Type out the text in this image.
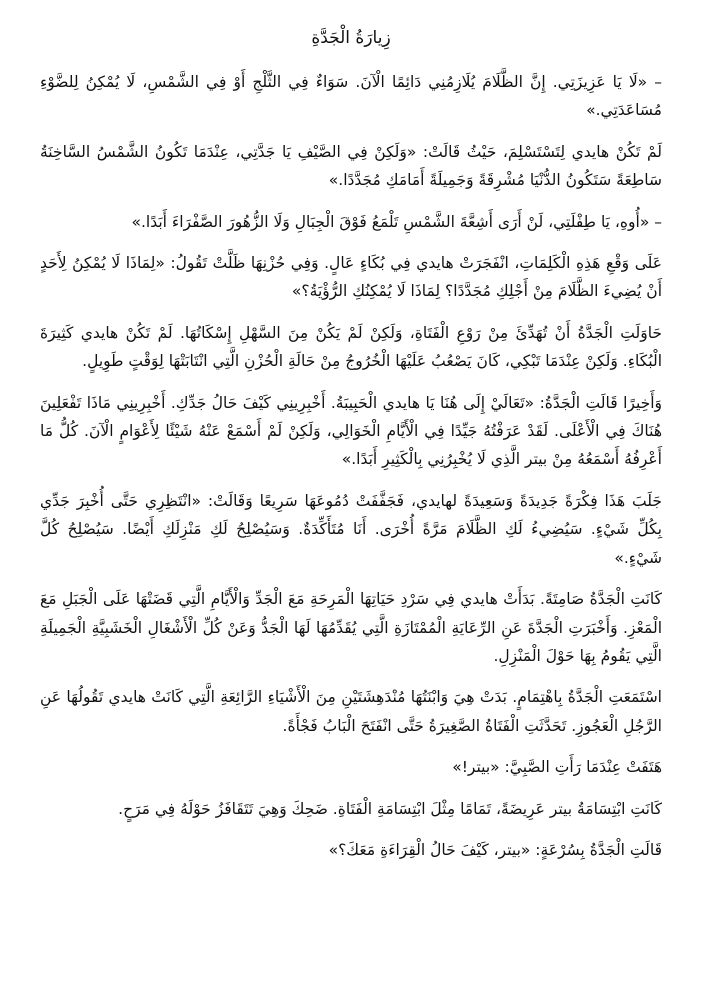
زِيارَةُ الْجَدَّةِ

– «لَا يَا عَزِيزَتِي. إِنَّ الظَّلَامَ يُلَازِمُنِي دَائِمًا الْآنَ. سَوَاءٌ فِي الثَّلْجِ أَوْ فِي الشَّمْسِ، لَا يُمْكِنُ لِلضَّوْءِ مُسَاعَدَتِي.»

لَمْ تَكُنْ هايدي لِتَسْتَسْلِمَ، حَيْثُ قَالَتْ: «وَلَكِنْ فِي الصَّيْفِ يَا جَدَّتِي، عِنْدَمَا تَكُونُ الشَّمْسُ السَّاخِنَةُ سَاطِعَةً سَتَكُونُ الدُّنْيَا مُشْرِقَةً وَجَمِيلَةً أَمَامَكِ مُجَدَّدًا.»

– «أُوهِ، يَا طِفْلَتِي، لَنْ أَرَى أَشِعَّةَ الشَّمْسِ تَلْمَعُ فَوْقَ الْجِبَالِ وَلَا الزُّهُورَ الصَّفْرَاءَ أَبَدًا.»

عَلَى وَقْعِ هَذِهِ الْكَلِمَاتِ، انْفَجَرَتْ هايدي فِي بُكَاءٍ عَالٍ. وَفِي حُزْنِهَا ظَلَّتْ تَقُولُ: «لِمَاذَا لَا يُمْكِنُ لِأَحَدٍ أَنْ يُضِيءَ الظَّلَامَ مِنْ أَجْلِكِ مُجَدَّدًا؟ لِمَاذَا لَا يُمْكِنُكِ الرُّؤْيَةُ؟»

حَاوَلَتِ الْجَدَّةُ أَنْ تُهَدِّئَ مِنْ رَوْعِ الْفَتَاةِ، وَلَكِنْ لَمْ يَكُنْ مِنَ السَّهْلِ إِسْكَاتُهَا. لَمْ تَكُنْ هايدي كَثِيرَةَ الْبُكَاءِ. وَلَكِنْ عِنْدَمَا تَبْكِي، كَانَ يَصْعُبُ عَلَيْهَا الْخُرُوجُ مِنْ حَالَةِ الْحُزْنِ الَّتِي انْتَابَتْهَا لِوَقْتٍ طَوِيلٍ.

وَأَخِيرًا قَالَتِ الْجَدَّةُ: «تَعَالَيْ إِلَى هُنَا يَا هايدي الْحَبِيبَةُ. أَخْبِرِينِي كَيْفَ حَالُ جَدِّكِ. أَخْبِرِينِي مَاذَا تَفْعَلِينَ هُنَاكَ فِي الْأَعْلَى. لَقَدْ عَرَفْتُهُ جَيِّدًا فِي الْأَيَّامِ الْخَوَالِي، وَلَكِنْ لَمْ أَسْمَعْ عَنْهُ شَيْئًا لِأَعْوَامٍ الْآنَ. كُلُّ مَا أَعْرِفُهُ أَسْمَعُهُ مِنْ بيتر الَّذِي لَا يُخْبِرُنِي بِالْكَثِيرِ أَبَدًا.»

جَلَبَ هَذَا فِكْرَةً جَدِيدَةً وَسَعِيدَةً لهايدي، فَجَفَّفَتْ دُمُوعَهَا سَرِيعًا وَقَالَتْ: «انْتَظِرِي حَتَّى أُخْبِرَ جَدِّي بِكُلِّ شَيْءٍ. سَيُضِيءُ لَكِ الظَّلَامَ مَرَّةً أُخْرَى. أَنَا مُتَأَكِّدَةٌ. وَسَيُصْلِحُ لَكِ مَنْزِلَكِ أَيْضًا. سَيُصْلِحُ كُلَّ شَيْءٍ.»

كَانَتِ الْجَدَّةُ صَامِتَةً. بَدَأَتْ هايدي فِي سَرْدِ حَيَاتِهَا الْمَرِحَةِ مَعَ الْجَدِّ وَالْأَيَّامِ الَّتِي قَضَتْهَا عَلَى الْجَبَلِ مَعَ الْمَعْزِ. وَأَخْبَرَتِ الْجَدَّةَ عَنِ الرِّعَايَةِ الْمُمْتَازَةِ الَّتِي يُقَدِّمُهَا لَهَا الْجَدُّ وَعَنْ كُلِّ الْأَشْغَالِ الْخَشَبِيَّةِ الْجَمِيلَةِ الَّتِي يَقُومُ بِهَا حَوْلَ الْمَنْزِلِ.

اسْتَمَعَتِ الْجَدَّةُ بِاهْتِمَامٍ. بَدَتْ هِيَ وَابْنَتُهَا مُنْدَهِشَتَيْنِ مِنَ الْأَشْيَاءِ الرَّائِعَةِ الَّتِي كَانَتْ هايدي تَقُولُهَا عَنِ الرَّجُلِ الْعَجُوزِ. تَحَدَّثَتِ الْفَتَاةُ الصَّغِيرَةُ حَتَّى انْفَتَحَ الْبَابُ فَجْأَةً.

هَتَفَتْ عِنْدَمَا رَأَتِ الصَّبِيَّ: «بيتر!»

كَانَتِ ابْتِسَامَةُ بيتر عَرِيضَةً، تَمَامًا مِثْلَ ابْتِسَامَةِ الْفَتَاةِ. ضَحِكَ وَهِيَ تَتَقَافَزُ حَوْلَهُ فِي مَرَحٍ.

قَالَتِ الْجَدَّةُ بِسُرْعَةٍ: «بيتر، كَيْفَ حَالُ الْقِرَاءَةِ مَعَكَ؟»
